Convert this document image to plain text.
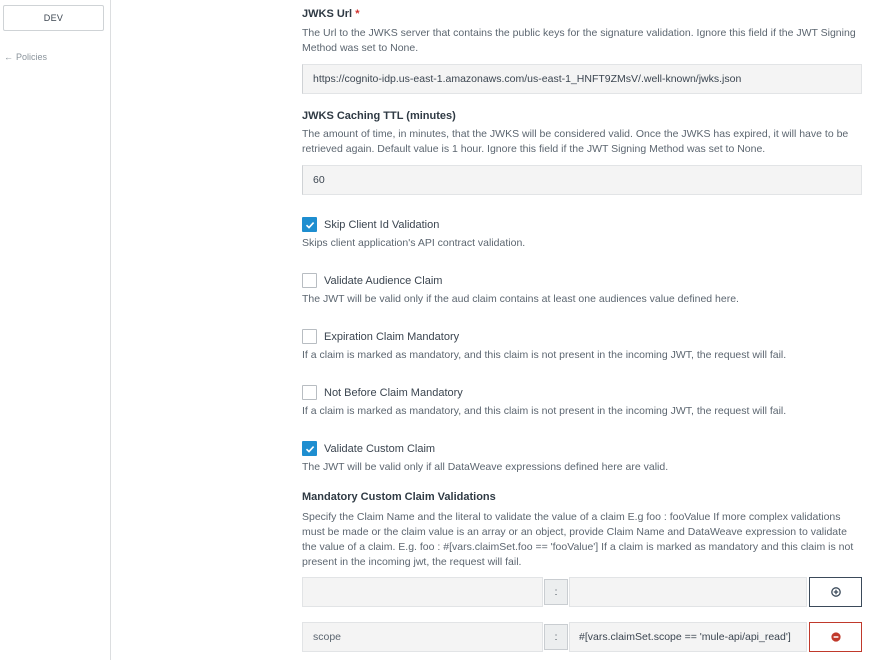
DEV
← Policies
JWKS Url *
The Url to the JWKS server that contains the public keys for the signature validation. Ignore this field if the JWT Signing Method was set to None.
https://cognito-idp.us-east-1.amazonaws.com/us-east-1_HNFT9ZMsV/.well-known/jwks.json
JWKS Caching TTL (minutes)
The amount of time, in minutes, that the JWKS will be considered valid. Once the JWKS has expired, it will have to be retrieved again. Default value is 1 hour. Ignore this field if the JWT Signing Method was set to None.
60
Skip Client Id Validation
Skips client application's API contract validation.
Validate Audience Claim
The JWT will be valid only if the aud claim contains at least one audiences value defined here.
Expiration Claim Mandatory
If a claim is marked as mandatory, and this claim is not present in the incoming JWT, the request will fail.
Not Before Claim Mandatory
If a claim is marked as mandatory, and this claim is not present in the incoming JWT, the request will fail.
Validate Custom Claim
The JWT will be valid only if all DataWeave expressions defined here are valid.
Mandatory Custom Claim Validations
Specify the Claim Name and the literal to validate the value of a claim E.g foo : fooValue If more complex validations must be made or the claim value is an array or an object, provide Claim Name and DataWeave expression to validate the value of a claim. E.g. foo : #[vars.claimSet.foo == 'fooValue'] If a claim is marked as mandatory and this claim is not present in the incoming jwt, the request will fail.
:
scope	:	#[vars.claimSet.scope == 'mule-api/api_read']
